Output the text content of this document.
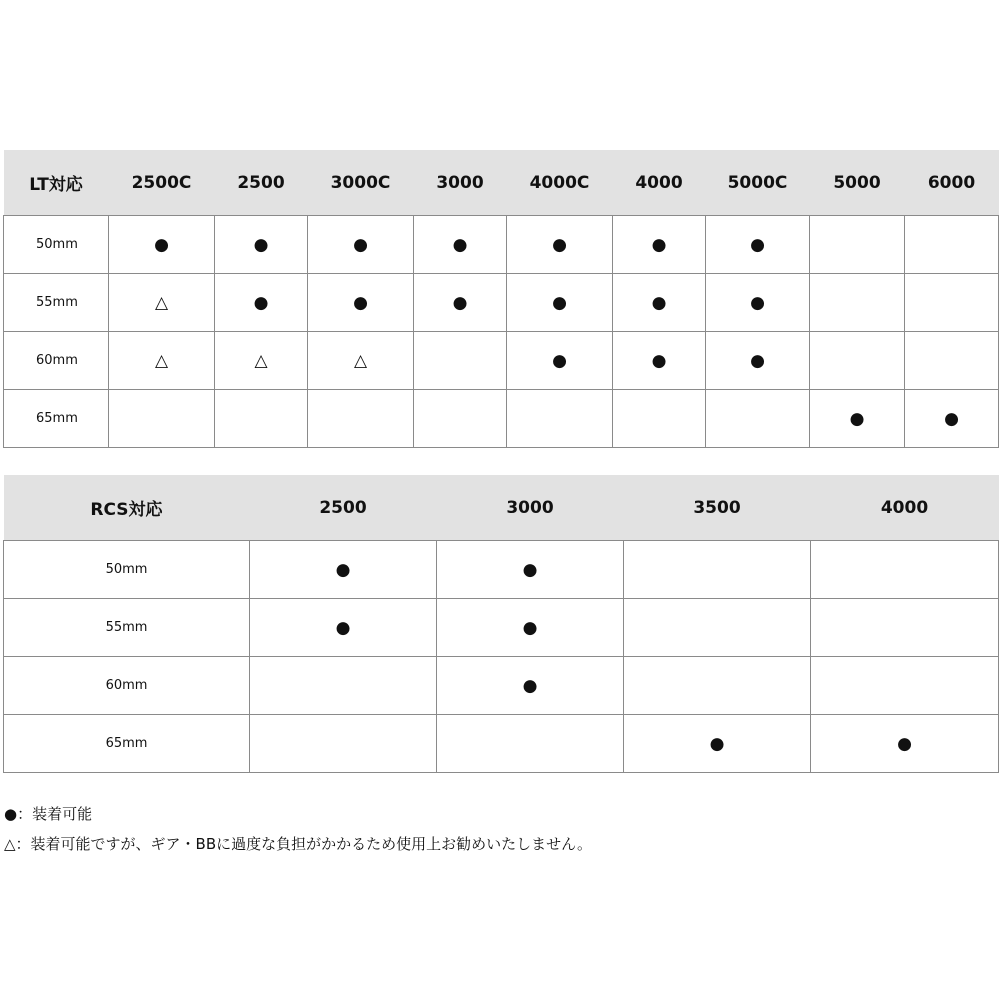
LT対応	2500C	2500	3000C	3000	4000C	4000	5000C	5000	6000
50mm	●	●	●	●	●	●	●		
55mm	△	●	●	●	●	●	●		
60mm	△	△	△		●	●	●		
65mm								●	●
RCS対応	2500	3000	3500	4000
50mm	●	●		
55mm	●	●		
60mm		●		
65mm			●	●
●：装着可能
△：装着可能ですが、ギア・BBに過度な負担がかかるため使用上お勧めいたしません。
